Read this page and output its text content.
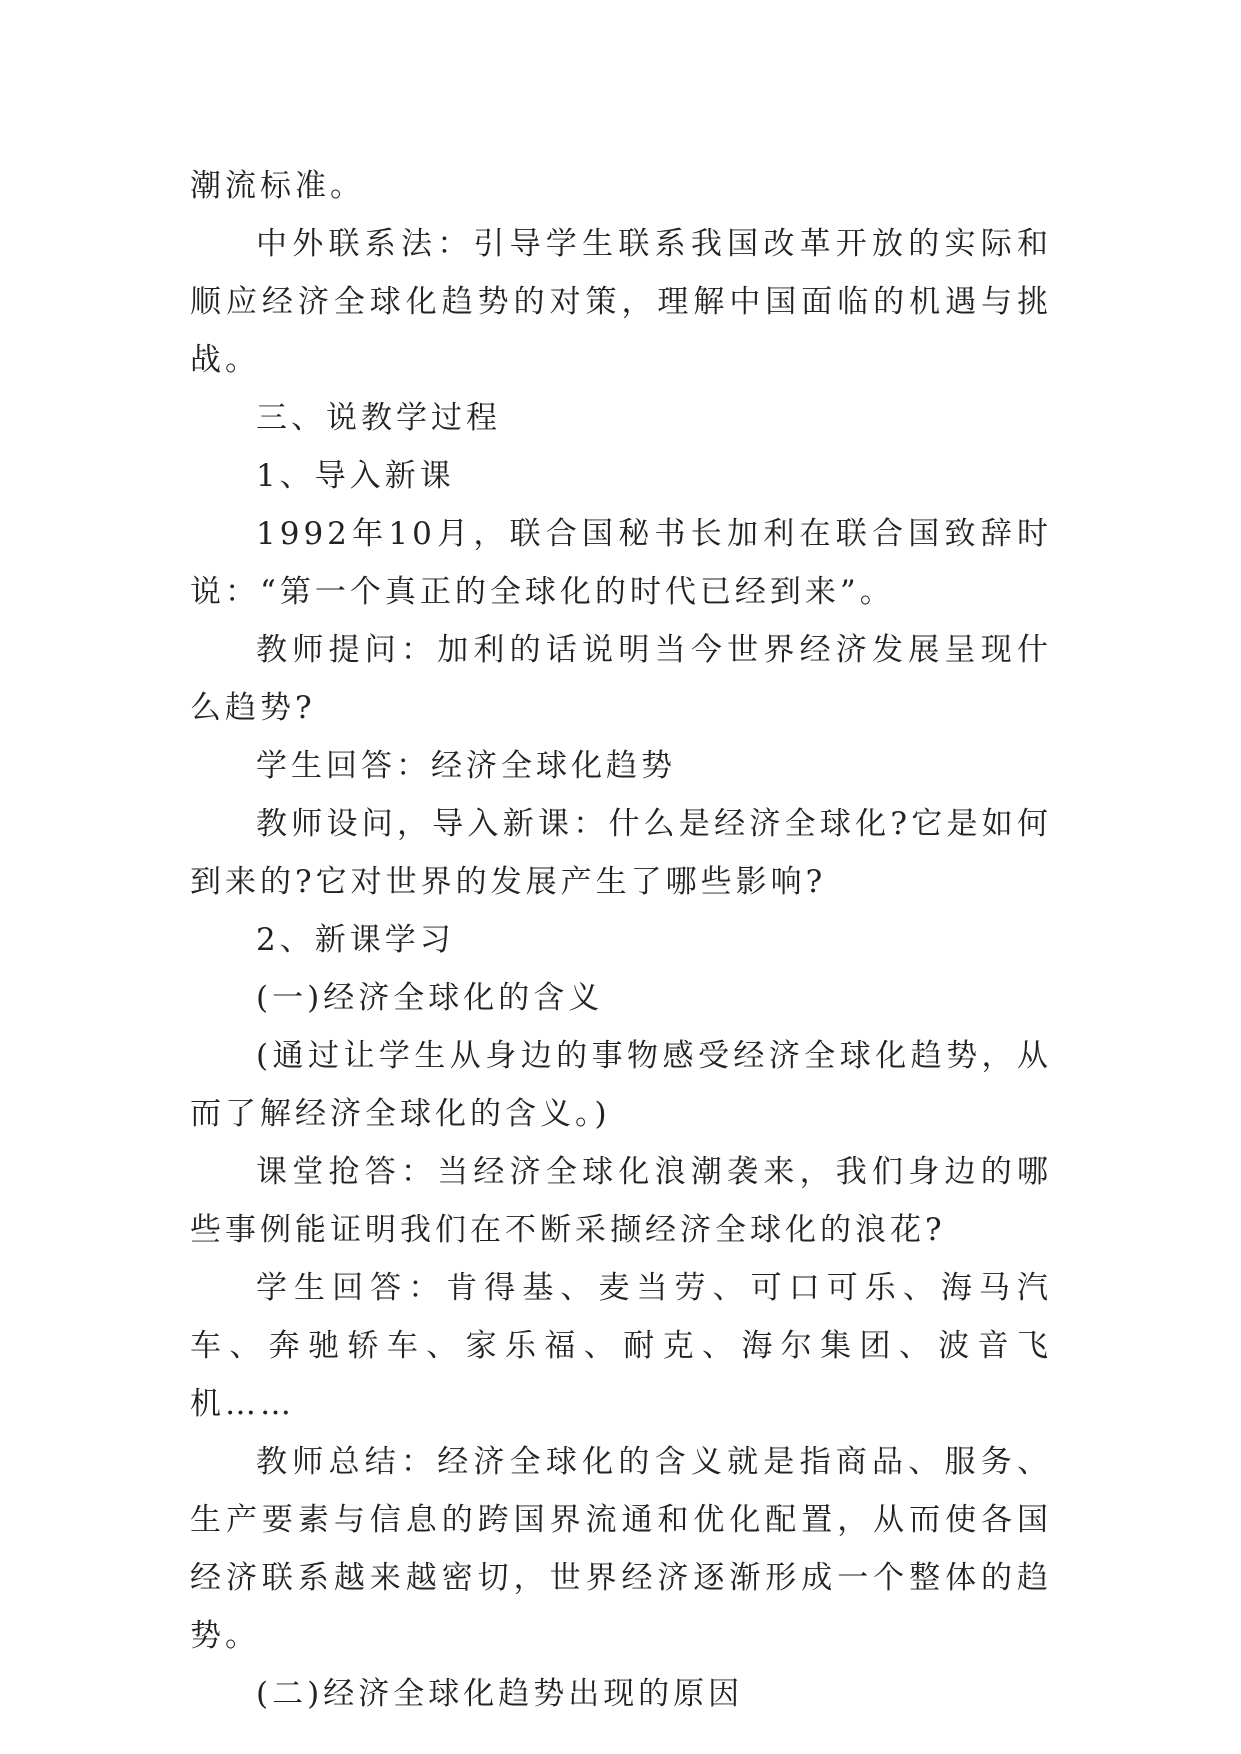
潮流标准。

中外联系法：引导学生联系我国改革开放的实际和顺应经济全球化趋势的对策，理解中国面临的机遇与挑战。

三、说教学过程

1、导入新课

1992年10月，联合国秘书长加利在联合国致辞时说：“第一个真正的全球化的时代已经到来”。

教师提问：加利的话说明当今世界经济发展呈现什么趋势?

学生回答：经济全球化趋势

教师设问，导入新课：什么是经济全球化?它是如何到来的?它对世界的发展产生了哪些影响?

2、新课学习

(一)经济全球化的含义

(通过让学生从身边的事物感受经济全球化趋势，从而了解经济全球化的含义。)

课堂抢答：当经济全球化浪潮袭来，我们身边的哪些事例能证明我们在不断采撷经济全球化的浪花?

学生回答：肯得基、麦当劳、可口可乐、海马汽车、奔驰轿车、家乐福、耐克、海尔集团、波音飞机……

教师总结：经济全球化的含义就是指商品、服务、生产要素与信息的跨国界流通和优化配置，从而使各国经济联系越来越密切，世界经济逐渐形成一个整体的趋势。

(二)经济全球化趋势出现的原因
